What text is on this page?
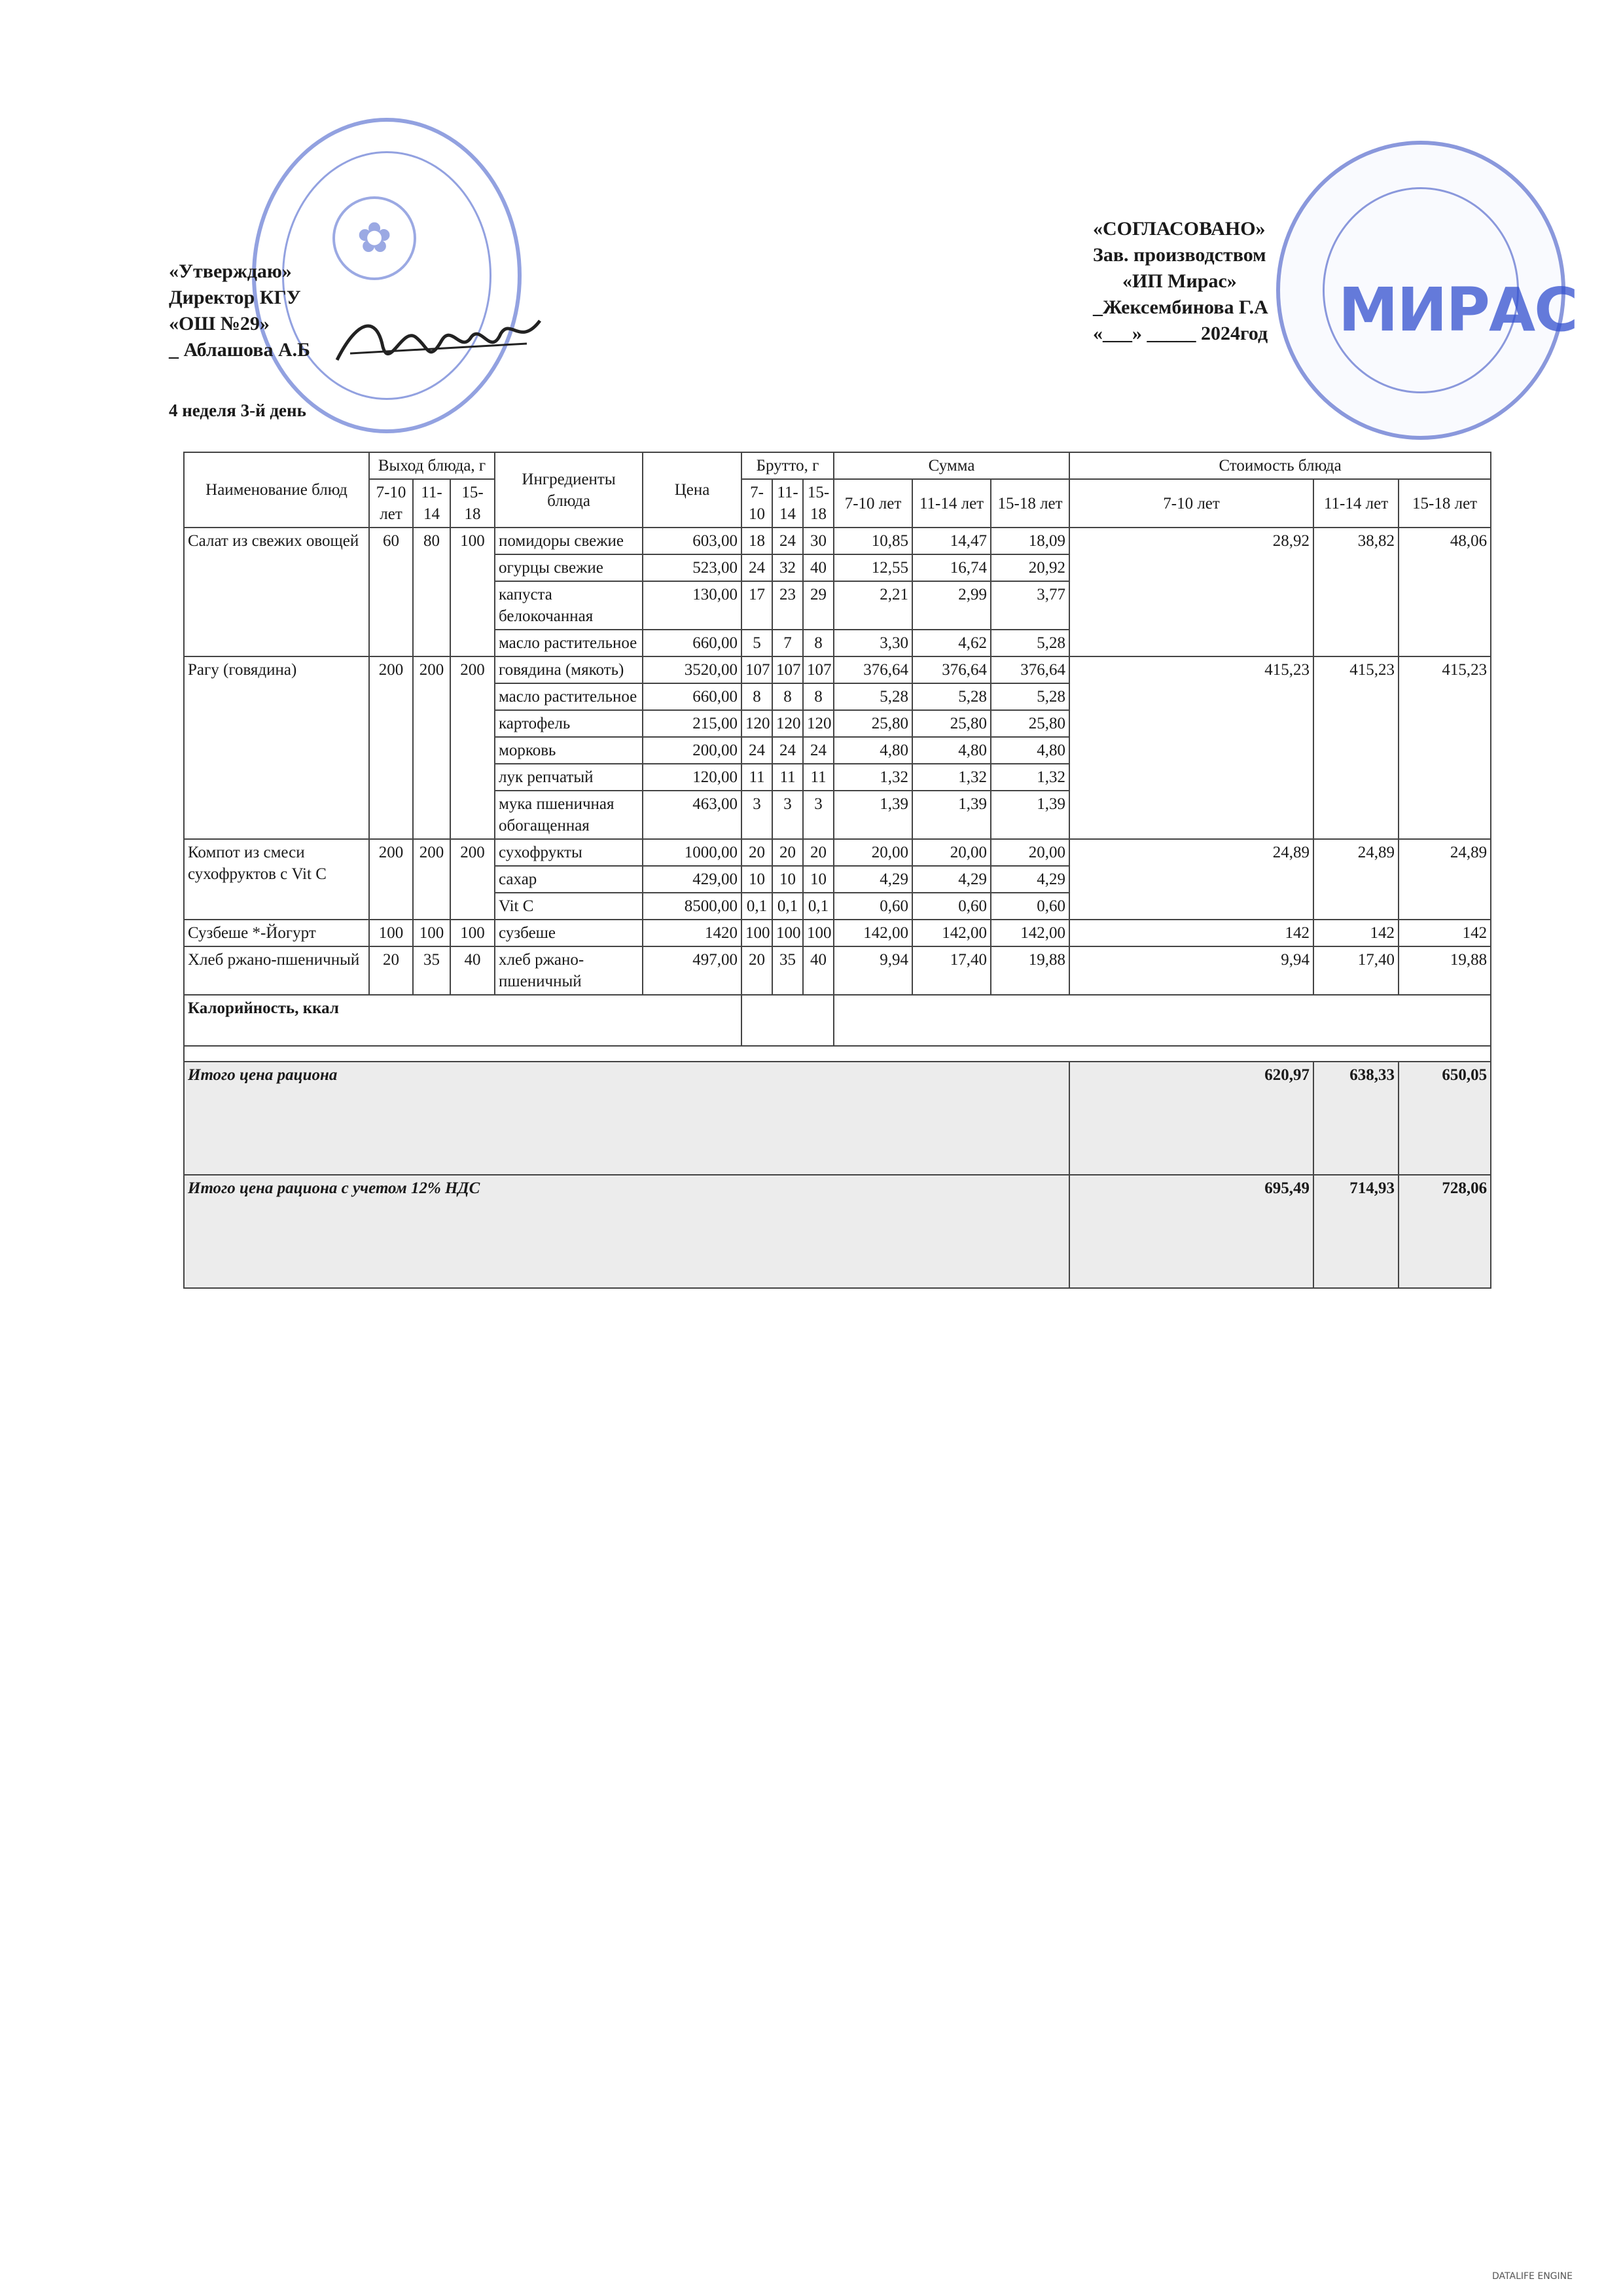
✿
МИРАС
«Утверждаю»
Директор КГУ
«ОШ №29»
_ Аблашова А.Б
«СОГЛАСОВАНО»
Зав. производством
«ИП Мирас»
_Жексембинова Г.А
«___» _____ 2024год
4 неделя 3-й день
Наименование блюд	Выход блюда, г			Ингредиенты блюда	Цена	Брутто, г			Сумма			Стоимость блюда		
	7-10 лет	11-14	15-18			7-10	11-14	15-18	7-10 лет	11-14 лет	15-18 лет	7-10 лет	11-14 лет	15-18 лет
Салат из свежих овощей	60	80	100	помидоры свежие	603,00	18	24	30	10,85	14,47	18,09	28,92	38,82	48,06
				огурцы свежие	523,00	24	32	40	12,55	16,74	20,92			
				капуста белокочанная	130,00	17	23	29	2,21	2,99	3,77			
				масло растительное	660,00	5	7	8	3,30	4,62	5,28			
Рагу (говядина)	200	200	200	говядина (мякоть)	3520,00	107	107	107	376,64	376,64	376,64	415,23	415,23	415,23
				масло растительное	660,00	8	8	8	5,28	5,28	5,28			
				картофель	215,00	120	120	120	25,80	25,80	25,80			
				морковь	200,00	24	24	24	4,80	4,80	4,80			
				лук репчатый	120,00	11	11	11	1,32	1,32	1,32			
				мука пшеничная обогащенная	463,00	3	3	3	1,39	1,39	1,39			
Компот из смеси сухофруктов с Vit C	200	200	200	сухофрукты	1000,00	20	20	20	20,00	20,00	20,00	24,89	24,89	24,89
				сахар	429,00	10	10	10	4,29	4,29	4,29			
				Vit C	8500,00	0,1	0,1	0,1	0,60	0,60	0,60			
Сузбеше *-Йогурт	100	100	100	сузбеше	1420	100	100	100	142,00	142,00	142,00	142	142	142
Хлеб ржано-пшеничный	20	35	40	хлеб ржано-пшеничный	497,00	20	35	40	9,94	17,40	19,88	9,94	17,40	19,88
Калорийность, ккал														

Итого цена рациона												620,97	638,33	650,05
Итого цена рациона с учетом 12% НДС												695,49	714,93	728,06
DATALIFE ENGINE
